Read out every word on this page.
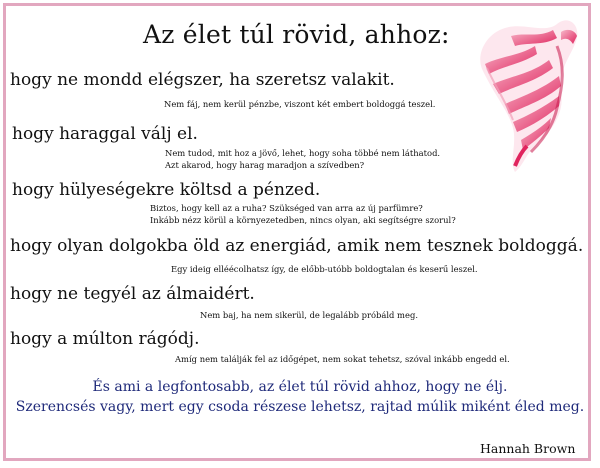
Az élet túl rövid, ahhoz:
hogy ne mondd elégszer, ha szeretsz valakit.
Nem fáj, nem kerül pénzbe, viszont két embert boldoggá teszel.
hogy haraggal válj el.
Nem tudod, mit hoz a jövő, lehet, hogy soha többé nem láthatod.
Azt akarod, hogy harag maradjon a szívedben?
hogy hülyeségekre költsd a pénzed.
Biztos, hogy kell az a ruha? Szükséged van arra az új parfümre?
Inkább nézz körül a környezetedben, nincs olyan, aki segítségre szorul?
hogy olyan dolgokba öld az energiád, amik nem tesznek boldoggá.
Egy ideig elléécolhatsz így, de előbb-utóbb boldogtalan és keserű leszel.
hogy ne tegyél az álmaidért.
Nem baj, ha nem sikerül, de legalább próbáld meg.
hogy a múlton rágódj.
Amíg nem találják fel az időgépet, nem sokat tehetsz, szóval inkább engedd el.
És ami a legfontosabb, az élet túl rövid ahhoz, hogy ne élj.
Szerencsés vagy, mert egy csoda részese lehetsz, rajtad múlik miként éled meg.
Hannah Brown
